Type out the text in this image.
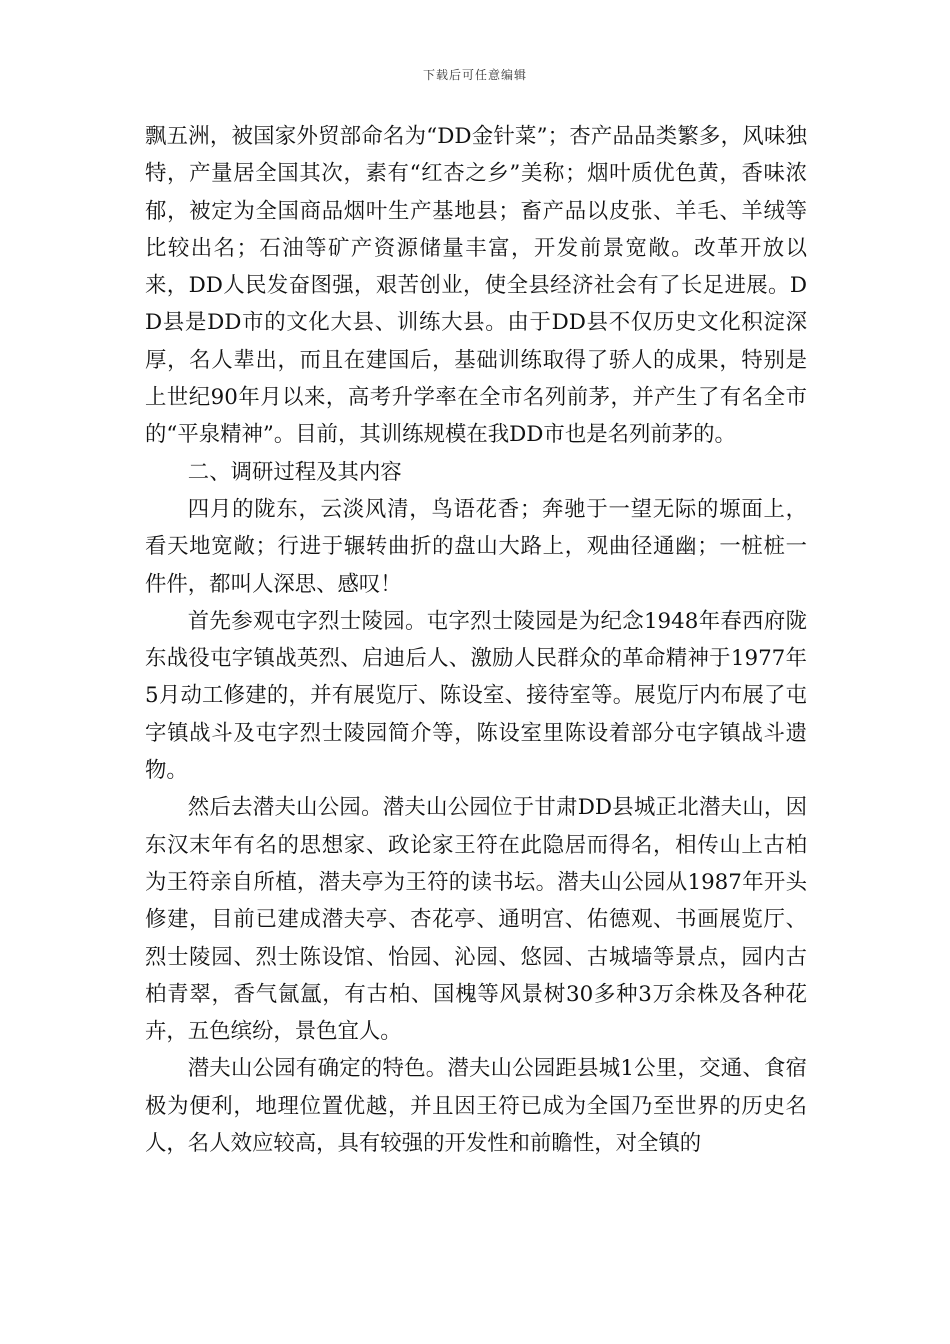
下载后可任意编辑

飘五洲，被国家外贸部命名为“DD金针菜”；杏产品品类繁多，风味独特，产量居全国其次，素有“红杏之乡”美称；烟叶质优色黄，香味浓郁，被定为全国商品烟叶生产基地县；畜产品以皮张、羊毛、羊绒等比较出名；石油等矿产资源储量丰富，开发前景宽敞。改革开放以来，DD人民发奋图强，艰苦创业，使全县经济社会有了长足进展。DD县是DD市的文化大县、训练大县。由于DD县不仅历史文化积淀深厚，名人辈出，而且在建国后，基础训练取得了骄人的成果，特别是上世纪90年月以来，高考升学率在全市名列前茅，并产生了有名全市的“平泉精神”。目前，其训练规模在我DD市也是名列前茅的。

二、调研过程及其内容

四月的陇东，云淡风清，鸟语花香；奔驰于一望无际的塬面上，看天地宽敞；行进于辗转曲折的盘山大路上，观曲径通幽；一桩桩一件件，都叫人深思、感叹！

首先参观屯字烈士陵园。屯字烈士陵园是为纪念1948年春西府陇东战役屯字镇战英烈、启迪后人、激励人民群众的革命精神于1977年5月动工修建的，并有展览厅、陈设室、接待室等。展览厅内布展了屯字镇战斗及屯字烈士陵园简介等，陈设室里陈设着部分屯字镇战斗遗物。

然后去潜夫山公园。潜夫山公园位于甘肃DD县城正北潜夫山，因东汉末年有名的思想家、政论家王符在此隐居而得名，相传山上古柏为王符亲自所植，潜夫亭为王符的读书坛。潜夫山公园从1987年开头修建，目前已建成潜夫亭、杏花亭、通明宫、佑德观、书画展览厅、烈士陵园、烈士陈设馆、怡园、沁园、悠园、古城墙等景点，园内古柏青翠，香气氤氲，有古柏、国槐等风景树30多种3万余株及各种花卉，五色缤纷，景色宜人。

潜夫山公园有确定的特色。潜夫山公园距县城1公里，交通、食宿极为便利，地理位置优越，并且因王符已成为全国乃至世界的历史名人，名人效应较高，具有较强的开发性和前瞻性，对全镇的
